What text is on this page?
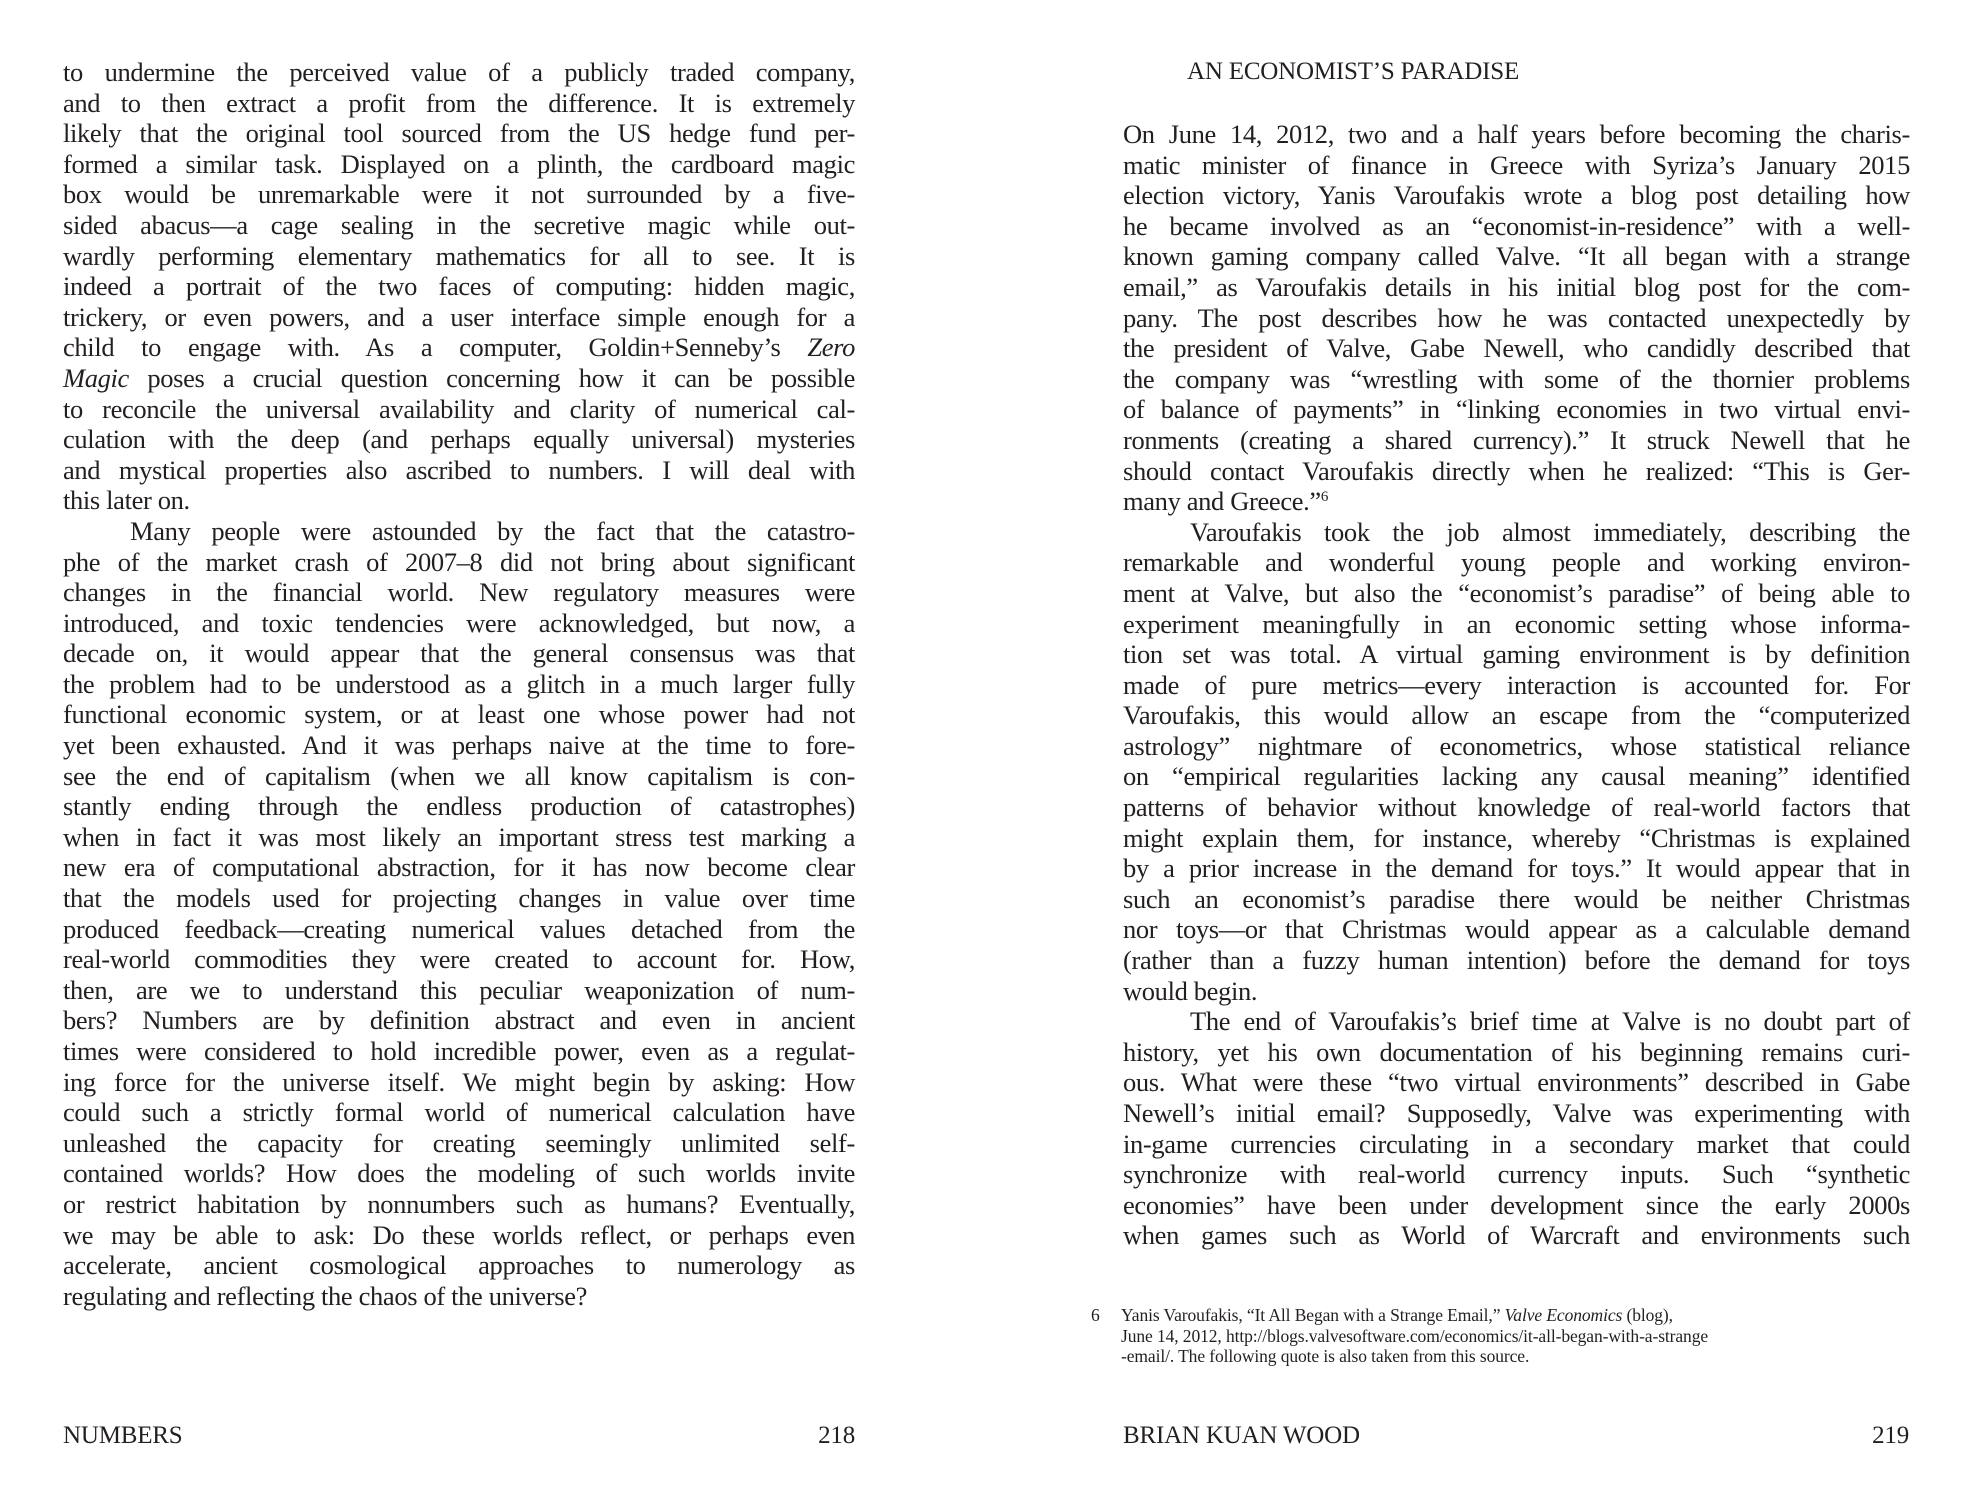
to undermine the perceived value of a publicly traded company,
and to then extract a profit from the difference. It is extremely
likely that the original tool sourced from the US hedge fund per-
formed a similar task. Displayed on a plinth, the cardboard magic
box would be unremarkable were it not surrounded by a five-
sided abacus—a cage sealing in the secretive magic while out-
wardly performing elementary mathematics for all to see. It is
indeed a portrait of the two faces of computing: hidden magic,
trickery, or even powers, and a user interface simple enough for a
child to engage with. As a computer, Goldin+Senneby’s Zero
Magic poses a crucial question concerning how it can be possible
to reconcile the universal availability and clarity of numerical cal-
culation with the deep (and perhaps equally universal) mysteries
and mystical properties also ascribed to numbers. I will deal with
this later on.
Many people were astounded by the fact that the catastro-
phe of the market crash of 2007–8 did not bring about significant
changes in the financial world. New regulatory measures were
introduced, and toxic tendencies were acknowledged, but now, a
decade on, it would appear that the general consensus was that
the problem had to be understood as a glitch in a much larger fully
functional economic system, or at least one whose power had not
yet been exhausted. And it was perhaps naive at the time to fore-
see the end of capitalism (when we all know capitalism is con-
stantly ending through the endless production of catastrophes)
when in fact it was most likely an important stress test marking a
new era of computational abstraction, for it has now become clear
that the models used for projecting changes in value over time
produced feedback—creating numerical values detached from the
real-world commodities they were created to account for. How,
then, are we to understand this peculiar weaponization of num-
bers? Numbers are by definition abstract and even in ancient
times were considered to hold incredible power, even as a regulat-
ing force for the universe itself. We might begin by asking: How
could such a strictly formal world of numerical calculation have
unleashed the capacity for creating seemingly unlimited self-
contained worlds? How does the modeling of such worlds invite
or restrict habitation by nonnumbers such as humans? Eventually,
we may be able to ask: Do these worlds reflect, or perhaps even
accelerate, ancient cosmological approaches to numerology as
regulating and reflecting the chaos of the universe?
NUMBERS	218
AN ECONOMIST’S PARADISE
On June 14, 2012, two and a half years before becoming the charis-
matic minister of finance in Greece with Syriza’s January 2015
election victory, Yanis Varoufakis wrote a blog post detailing how
he became involved as an “economist-in-residence” with a well-
known gaming company called Valve. “It all began with a strange
email,” as Varoufakis details in his initial blog post for the com-
pany. The post describes how he was contacted unexpectedly by
the president of Valve, Gabe Newell, who candidly described that
the company was “wrestling with some of the thornier problems
of balance of payments” in “linking economies in two virtual envi-
ronments (creating a shared currency).” It struck Newell that he
should contact Varoufakis directly when he realized: “This is Ger-
many and Greece.”$^6$
Varoufakis took the job almost immediately, describing the
remarkable and wonderful young people and working environ-
ment at Valve, but also the “economist’s paradise” of being able to
experiment meaningfully in an economic setting whose informa-
tion set was total. A virtual gaming environment is by definition
made of pure metrics—every interaction is accounted for. For
Varoufakis, this would allow an escape from the “computerized
astrology” nightmare of econometrics, whose statistical reliance
on “empirical regularities lacking any causal meaning” identified
patterns of behavior without knowledge of real-world factors that
might explain them, for instance, whereby “Christmas is explained
by a prior increase in the demand for toys.” It would appear that in
such an economist’s paradise there would be neither Christmas
nor toys—or that Christmas would appear as a calculable demand
(rather than a fuzzy human intention) before the demand for toys
would begin.
The end of Varoufakis’s brief time at Valve is no doubt part of
history, yet his own documentation of his beginning remains curi-
ous. What were these “two virtual environments” described in Gabe
Newell’s initial email? Supposedly, Valve was experimenting with
in-game currencies circulating in a secondary market that could
synchronize with real-world currency inputs. Such “synthetic
economies” have been under development since the early 2000s
when games such as World of Warcraft and environments such
6 Yanis Varoufakis, “It All Began with a Strange Email,” Valve Economics (blog),
June 14, 2012, http://blogs.valvesoftware.com/economics/it-all-began-with-a-strange
-email/. The following quote is also taken from this source.
BRIAN KUAN WOOD	219
